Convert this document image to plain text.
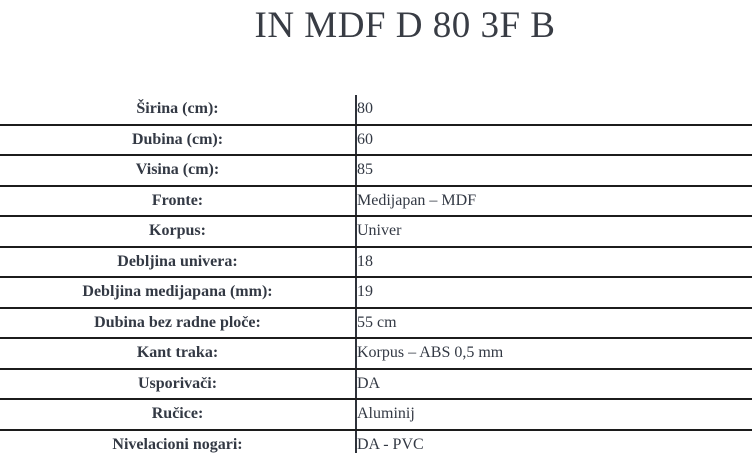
IN MDF D 80 3F B
Širina (cm):	80
Dubina (cm):	60
Visina (cm):	85
Fronte:	Medijapan – MDF
Korpus:	Univer
Debljina univera:	18
Debljina medijapana (mm):	19
Dubina bez radne ploče:	55 cm
Kant traka:	Korpus – ABS 0,5 mm
Usporivači:	DA
Ručice:	Aluminij
Nivelacioni nogari:	DA - PVC
